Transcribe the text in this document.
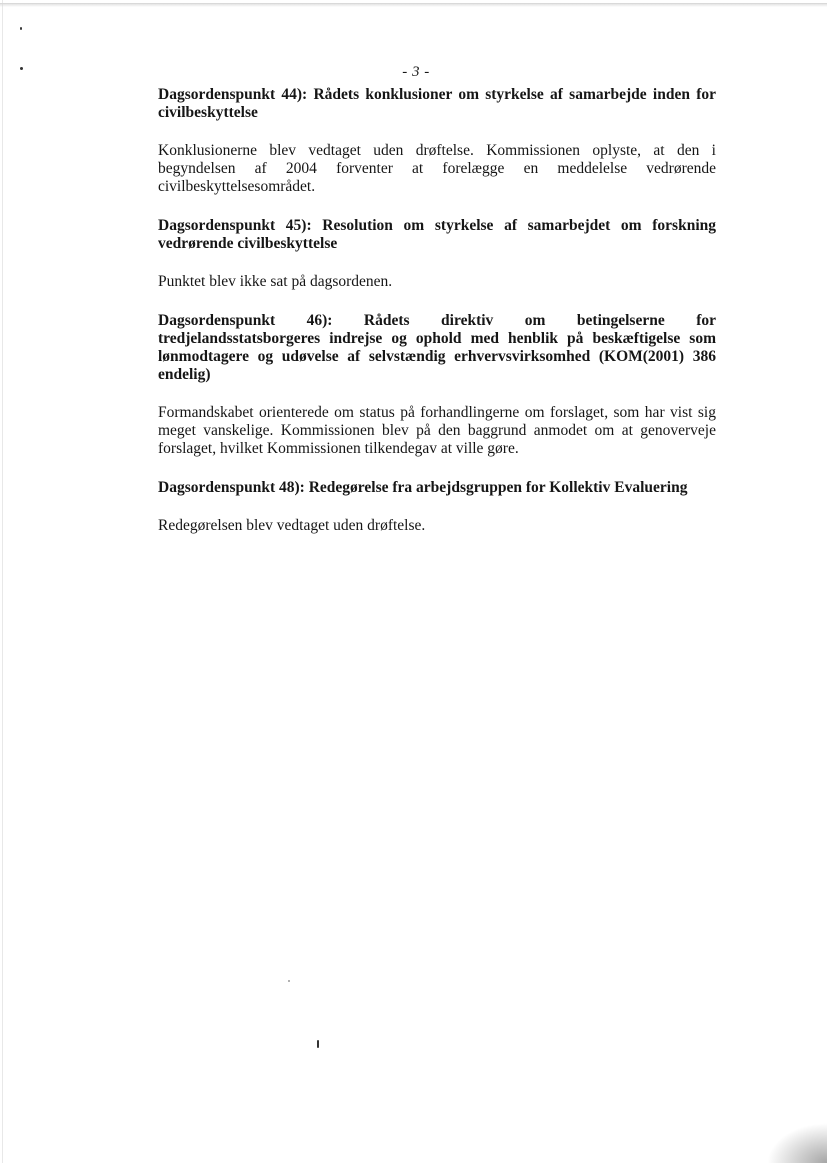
- 3 -

Dagsordenspunkt 44): Rådets konklusioner om styrkelse af samarbejde inden for civilbeskyttelse

Konklusionerne blev vedtaget uden drøftelse. Kommissionen oplyste, at den i begyndelsen af 2004 forventer at forelægge en meddelelse vedrørende civilbeskyttelsesområdet.

Dagsordenspunkt 45): Resolution om styrkelse af samarbejdet om forskning vedrørende civilbeskyttelse

Punktet blev ikke sat på dagsordenen.

Dagsordenspunkt 46): Rådets direktiv om betingelserne for tredjelandsstatsborgeres indrejse og ophold med henblik på beskæftigelse som lønmodtagere og udøvelse af selvstændig erhvervsvirksomhed (KOM(2001) 386 endelig)

Formandskabet orienterede om status på forhandlingerne om forslaget, som har vist sig meget vanskelige. Kommissionen blev på den baggrund anmodet om at genoverveje forslaget, hvilket Kommissionen tilkendegav at ville gøre.

Dagsordenspunkt 48): Redegørelse fra arbejdsgruppen for Kollektiv Evaluering

Redegørelsen blev vedtaget uden drøftelse.
